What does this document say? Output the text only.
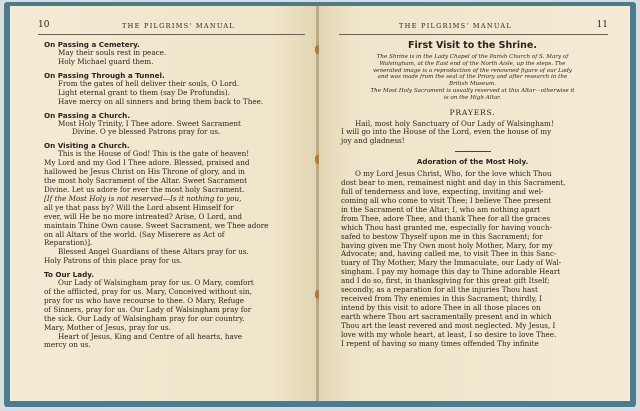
10	THE PILGRIMS' MANUAL

On Passing a Cemetery.

May their souls rest in peace.

Holy Michael guard them.

On Passing Through a Tunnel.

From the gates of hell deliver their souls, O Lord.

Light eternal grant to them (say De Profundis).

Have mercy on all sinners and bring them back to Thee.

On Passing a Church.

Most Holy Trinity, I Thee adore. Sweet Sacrament

Divine. O ye blessed Patrons pray for us.

On Visiting a Church.

This is the House of God! This is the gate of heaven!

My Lord and my God I Thee adore. Blessed, praised and

hallowed be Jesus Christ on His Throne of glory, and in

the most holy Sacrament of the Altar. Sweet Sacrament

Divine. Let us adore for ever the most holy Sacrament.

[If the Most Holy is not reserved—Is it nothing to you,

all ye that pass by? Will the Lord absent Himself for

ever, will He be no more intreated? Arise, O Lord, and

maintain Thine Own cause. Sweet Sacrament, we Thee adore

on all Altars of the world. (Say Miserere as Act of

Reparation)].

Blessed Angel Guardians of these Altars pray for us.

Holy Patrons of this place pray for us.

To Our Lady.

Our Lady of Walsingham pray for us. O Mary, comfort

of the afflicted, pray for us. Mary, Conceived without sin,

pray for us who have recourse to thee. O Mary, Refuge

of Sinners, pray for us. Our Lady of Walsingham pray for

the sick. Our Lady of Walsingham pray for our country.

Mary, Mother of Jesus, pray for us.

Heart of Jesus, King and Centre of all hearts, have

mercy on us.

THE PILGRIMS' MANUAL	11

First Visit to the Shrine.

The Shrine is in the Lady Chapel of the Parish Church of S. Mary of

Walsingham, at the East end of the North Aisle, up the steps. The

venerated image is a reproduction of the renowned figure of our Lady

and was made from the seal of the Priory and after research in the

British Museum.

The Most Holy Sacrament is usually reserved at this Altar—otherwise it

is on the High Altar.

PRAYERS.

Hail, most holy Sanctuary of Our Lady of Walsingham!

I will go into the House of the Lord, even the house of my

joy and gladness!

Adoration of the Most Holy.

O my Lord Jesus Christ, Who, for the love which Thou

dost bear to men, remainest night and day in this Sacrament,

full of tenderness and love, expecting, inviting and wel-

coming all who come to visit Thee; I believe Thee present

in the Sacrament of the Altar; I, who am nothing apart

from Thee, adore Thee, and thank Thee for all the graces

which Thou hast granted me, especially for having vouch-

safed to bestow Thyself upon me in this Sacrament; for

having given me Thy Own most holy Mother, Mary, for my

Advocate; and, having called me, to visit Thee in this Sanc-

tuary of Thy Mother, Mary the Immaculate, our Lady of Wal-

singham. I pay my homage this day to Thine adorable Heart

and I do so, first, in thanksgiving for this great gift Itself;

secondly, as a reparation for all the injuries Thou hast

received from Thy enemies in this Sacrament; thirdly, I

intend by this visit to adore Thee in all those places on

earth where Thou art sacramentally present and in which

Thou art the least revered and most neglected. My Jesus, I

love with my whole heart, at least, I so desire to love Thee.

I repent of having so many times offended Thy infinite
